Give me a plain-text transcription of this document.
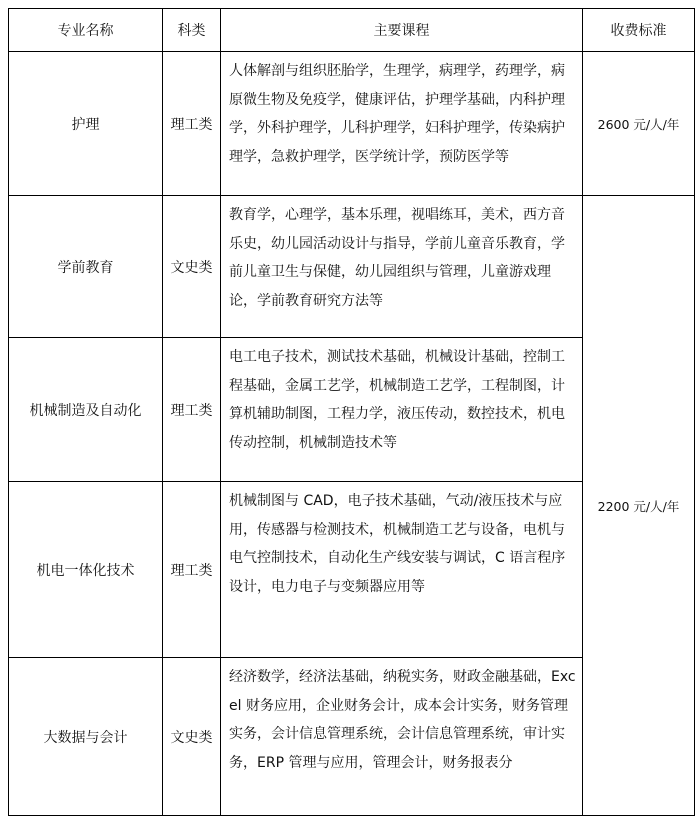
专业名称	科类	主要课程	收费标准
护理	理工类	人体解剖与组织胚胎学，生理学，病理学，药理学，病原微生物及免疫学，健康评估，护理学基础，内科护理学，外科护理学，儿科护理学，妇科护理学，传染病护理学，急救护理学，医学统计学，预防医学等	2600 元/人/年
学前教育	文史类	教育学，心理学，基本乐理，视唱练耳，美术，西方音乐史，幼儿园活动设计与指导，学前儿童音乐教育，学前儿童卫生与保健，幼儿园组织与管理，儿童游戏理论，学前教育研究方法等	2200 元/人/年
机械制造及自动化	理工类	电工电子技术，测试技术基础，机械设计基础，控制工程基础，金属工艺学，机械制造工艺学，工程制图，计算机辅助制图，工程力学，液压传动，数控技术，机电传动控制，机械制造技术等	
机电一体化技术	理工类	机械制图与 CAD，电子技术基础，气动/液压技术与应用，传感器与检测技术，机械制造工艺与设备，电机与电气控制技术，自动化生产线安装与调试，C 语言程序设计，电力电子与变频器应用等	
大数据与会计	文史类	经济数学，经济法基础，纳税实务，财政金融基础，Excel 财务应用，企业财务会计，成本会计实务，财务管理实务，会计信息管理系统，会计信息管理系统，审计实务，ERP 管理与应用，管理会计，财务报表分	
